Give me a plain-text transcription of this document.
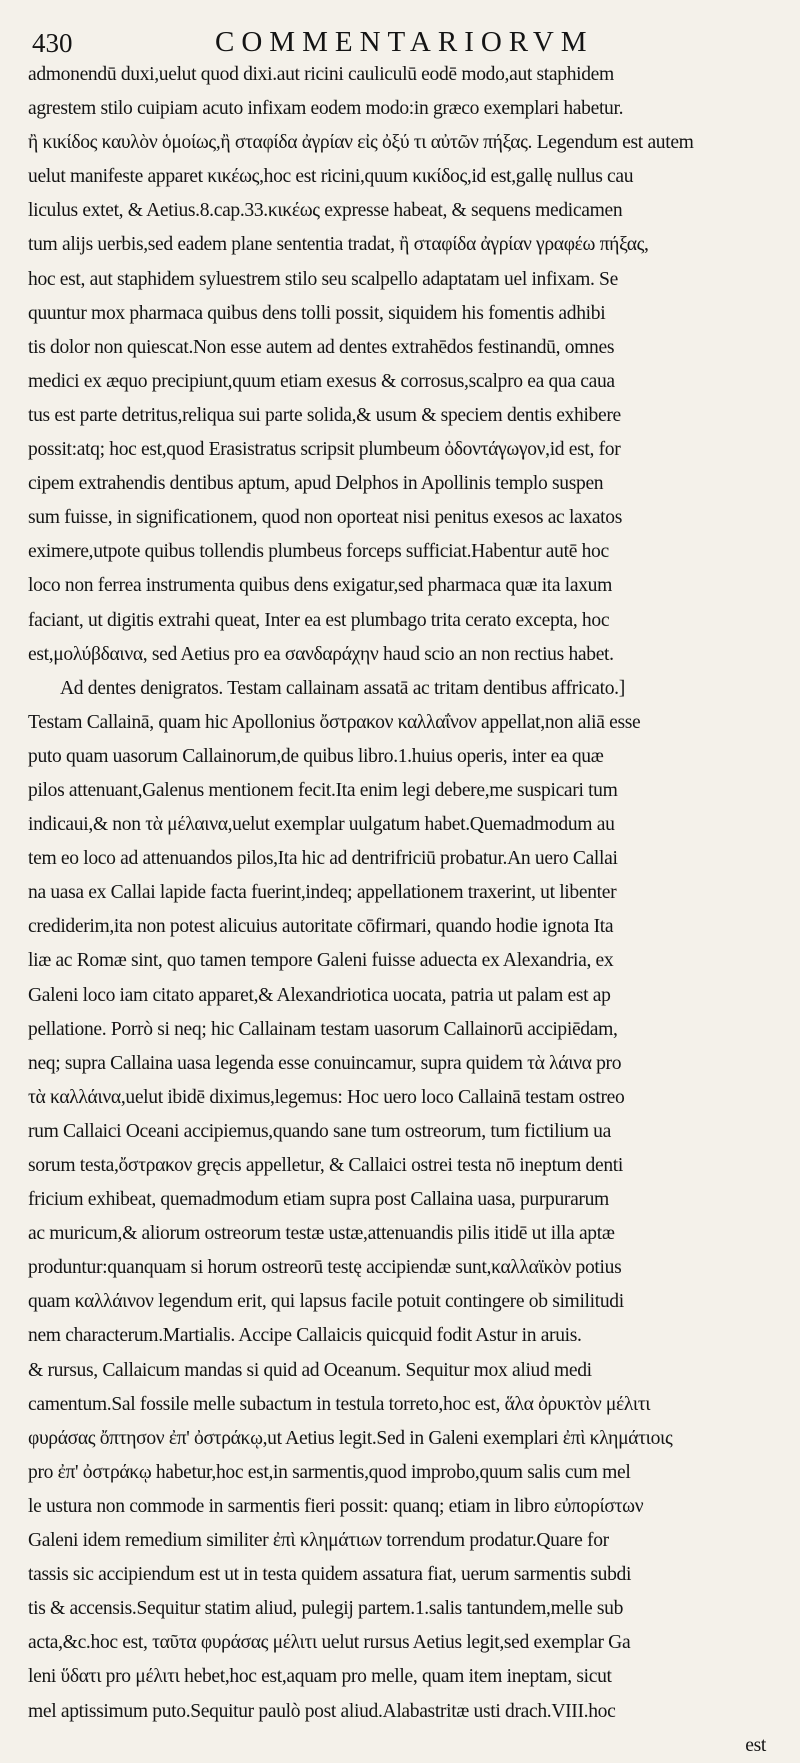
430	COMMENTARIORVM
admonendū duxi,uelut quod dixi.aut ricini cauliculū eodē modo,aut staphidem
agrestem stilo cuipiam acuto infixam eodem modo:in græco exemplari habetur.
ἢ κικίδος καυλὸν ὁμοίως,ἢ σταφίδα ἀγρίαν εἰς ὀξύ τι αὐτῶν πήξας. Legendum est autem
uelut manifeste apparet κικέως,hoc est ricini,quum κικίδος,id est,gallę nullus cau
liculus extet, & Aetius.8.cap.33.κικέως expresse habeat, & sequens medicamen
tum alijs uerbis,sed eadem plane sententia tradat, ἢ σταφίδα ἀγρίαν γραφέω πήξας,
hoc est, aut staphidem syluestrem stilo seu scalpello adaptatam uel infixam. Se
quuntur mox pharmaca quibus dens tolli possit, siquidem his fomentis adhibi
tis dolor non quiescat.Non esse autem ad dentes extrahēdos festinandū, omnes
medici ex æquo precipiunt,quum etiam exesus & corrosus,scalpro ea qua caua
tus est parte detritus,reliqua sui parte solida,& usum & speciem dentis exhibere
possit:atq; hoc est,quod Erasistratus scripsit plumbeum ὀδοντάγωγον,id est, for
cipem extrahendis dentibus aptum, apud Delphos in Apollinis templo suspen
sum fuisse, in significationem, quod non oporteat nisi penitus exesos ac laxatos
eximere,utpote quibus tollendis plumbeus forceps sufficiat.Habentur autē hoc
loco non ferrea instrumenta quibus dens exigatur,sed pharmaca quæ ita laxum
faciant, ut digitis extrahi queat, Inter ea est plumbago trita cerato excepta, hoc
est,μολύβδαινα, sed Aetius pro ea σανδαράχην haud scio an non rectius habet.
Ad dentes denigratos. Testam callainam assatā ac tritam dentibus affricato.]
Testam Callainā, quam hic Apollonius ὄστρακον καλλαΐνον appellat,non aliā esse
puto quam uasorum Callainorum,de quibus libro.1.huius operis, inter ea quæ
pilos attenuant,Galenus mentionem fecit.Ita enim legi debere,me suspicari tum
indicaui,& non τὰ μέλαινα,uelut exemplar uulgatum habet.Quemadmodum au
tem eo loco ad attenuandos pilos,Ita hic ad dentrifriciū probatur.An uero Callai
na uasa ex Callai lapide facta fuerint,indeq; appellationem traxerint, ut libenter
crediderim,ita non potest alicuius autoritate cōfirmari, quando hodie ignota Ita
liæ ac Romæ sint, quo tamen tempore Galeni fuisse aduecta ex Alexandria, ex
Galeni loco iam citato apparet,& Alexandriotica uocata, patria ut palam est ap
pellatione. Porrò si neq; hic Callainam testam uasorum Callainorū accipiēdam,
neq; supra Callaina uasa legenda esse conuincamur, supra quidem τὰ λάινα pro
τὰ καλλάινα,uelut ibidē diximus,legemus: Hoc uero loco Callainā testam ostreo
rum Callaici Oceani accipiemus,quando sane tum ostreorum, tum fictilium ua
sorum testa,ὄστρακον gręcis appelletur, & Callaici ostrei testa nō ineptum denti
fricium exhibeat, quemadmodum etiam supra post Callaina uasa, purpurarum
ac muricum,& aliorum ostreorum testæ ustæ,attenuandis pilis itidē ut illa aptæ
produntur:quanquam si horum ostreorū testę accipiendæ sunt,καλλαϊκὸν potius
quam καλλάινον legendum erit, qui lapsus facile potuit contingere ob similitudi
nem characterum.Martialis. Accipe Callaicis quicquid fodit Astur in aruis.
& rursus, Callaicum mandas si quid ad Oceanum. Sequitur mox aliud medi
camentum.Sal fossile melle subactum in testula torreto,hoc est, ἅλα ὀρυκτὸν μέλιτι
φυράσας ὄπτησον ἐπ' ὀστράκῳ,ut Aetius legit.Sed in Galeni exemplari ἐπὶ κλημάτιοις
pro ἐπ' ὀστράκῳ habetur,hoc est,in sarmentis,quod improbo,quum salis cum mel
le ustura non commode in sarmentis fieri possit: quanq; etiam in libro εὐπορίστων
Galeni idem remedium similiter ἐπὶ κλημάτιων torrendum prodatur.Quare for
tassis sic accipiendum est ut in testa quidem assatura fiat, uerum sarmentis subdi
tis & accensis.Sequitur statim aliud, pulegij partem.1.salis tantundem,melle sub
acta,&c.hoc est, ταῦτα φυράσας μέλιτι uelut rursus Aetius legit,sed exemplar Ga
leni ὕδατι pro μέλιτι hebet,hoc est,aquam pro melle, quam item ineptam, sicut
mel aptissimum puto.Sequitur paulò post aliud.Alabastritæ usti drach.VIII.hoc
est
